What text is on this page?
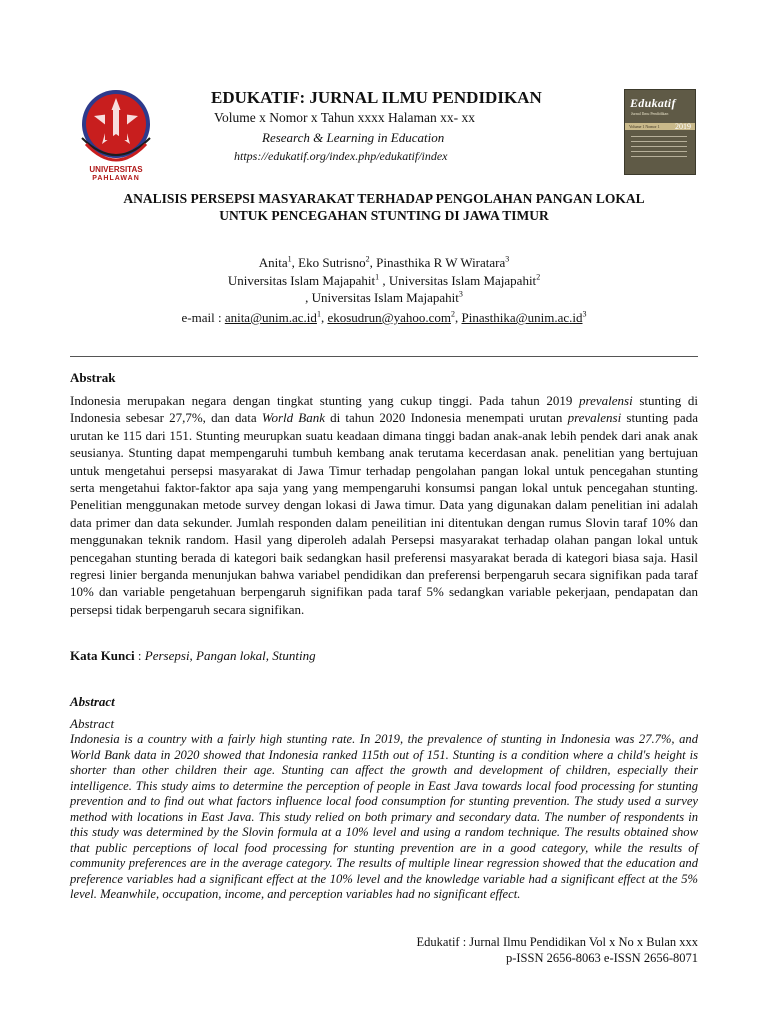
UNIVERSITAS
PAHLAWAN
Edukatif
Jurnal Ilmu Pendidikan
Volume 1 Nomor 1 2019
EDUKATIF: JURNAL ILMU PENDIDIKAN
Volume x Nomor x Tahun xxxx Halaman xx- xx
Research & Learning in Education
https://edukatif.org/index.php/edukatif/index
ANALISIS PERSEPSI MASYARAKAT TERHADAP PENGOLAHAN PANGAN LOKAL
UNTUK PENCEGAHAN STUNTING DI JAWA TIMUR
Anita$^1$, Eko Sutrisno$^2$, Pinasthika R W Wiratara$^3$
Universitas Islam Majapahit$^1$ , Universitas Islam Majapahit$^2$
, Universitas Islam Majapahit$^3$
e-mail : $anita@unim.ac.id^1$, ekosudrun@yahoo.com$^2$, $Pinasthika@unim.ac.id^3$
Abstrak
Indonesia merupakan negara dengan tingkat stunting yang cukup tinggi. Pada tahun 2019 prevalensi stunting di Indonesia sebesar 27,7%, dan data World Bank di tahun 2020 Indonesia menempati urutan prevalensi stunting pada urutan ke 115 dari 151. Stunting meurupkan suatu keadaan dimana tinggi badan anak-anak lebih pendek dari anak anak seusianya. Stunting dapat mempengaruhi tumbuh kembang anak terutama kecerdasan anak. penelitian yang bertujuan untuk mengetahui persepsi masyarakat di Jawa Timur terhadap pengolahan pangan lokal untuk pencegahan stunting serta mengetahui faktor-faktor apa saja yang yang mempengaruhi konsumsi pangan lokal untuk pencegahan stunting. Penelitian menggunakan metode survey dengan lokasi di Jawa timur. Data yang digunakan dalam penelitian ini adalah data primer dan data sekunder. Jumlah responden dalam peneilitian ini ditentukan dengan rumus Slovin taraf 10% dan menggunakan teknik random. Hasil yang diperoleh adalah Persepsi masyarakat terhadap olahan pangan lokal untuk pencegahan stunting berada di kategori baik sedangkan hasil preferensi masyarakat berada di kategori biasa saja. Hasil regresi linier berganda menunjukan bahwa variabel pendidikan dan preferensi berpengaruh secara signifikan pada taraf 10% dan variable pengetahuan berpengaruh signifikan pada taraf 5% sedangkan variable pekerjaan, pendapatan dan persepsi tidak berpengaruh secara signifikan.
Kata Kunci : Persepsi, Pangan lokal, Stunting
Abstract
Abstract
Indonesia is a country with a fairly high stunting rate. In 2019, the prevalence of stunting in Indonesia was 27.7%, and World Bank data in 2020 showed that Indonesia ranked 115th out of 151. Stunting is a condition where a child's height is shorter than other children their age. Stunting can affect the growth and development of children, especially their intelligence. This study aims to determine the perception of people in East Java towards local food processing for stunting prevention and to find out what factors influence local food consumption for stunting prevention. The study used a survey method with locations in East Java. This study relied on both primary and secondary data. The number of respondents in this study was determined by the Slovin formula at a 10% level and using a random technique. The results obtained show that public perceptions of local food processing for stunting prevention are in a good category, while the results of community preferences are in the average category. The results of multiple linear regression showed that the education and preference variables had a significant effect at the 10% level and the knowledge variable had a significant effect at the 5% level. Meanwhile, occupation, income, and perception variables had no significant effect.
Edukatif : Jurnal Ilmu Pendidikan Vol x No x Bulan xxx
p-ISSN 2656-8063 e-ISSN 2656-8071
